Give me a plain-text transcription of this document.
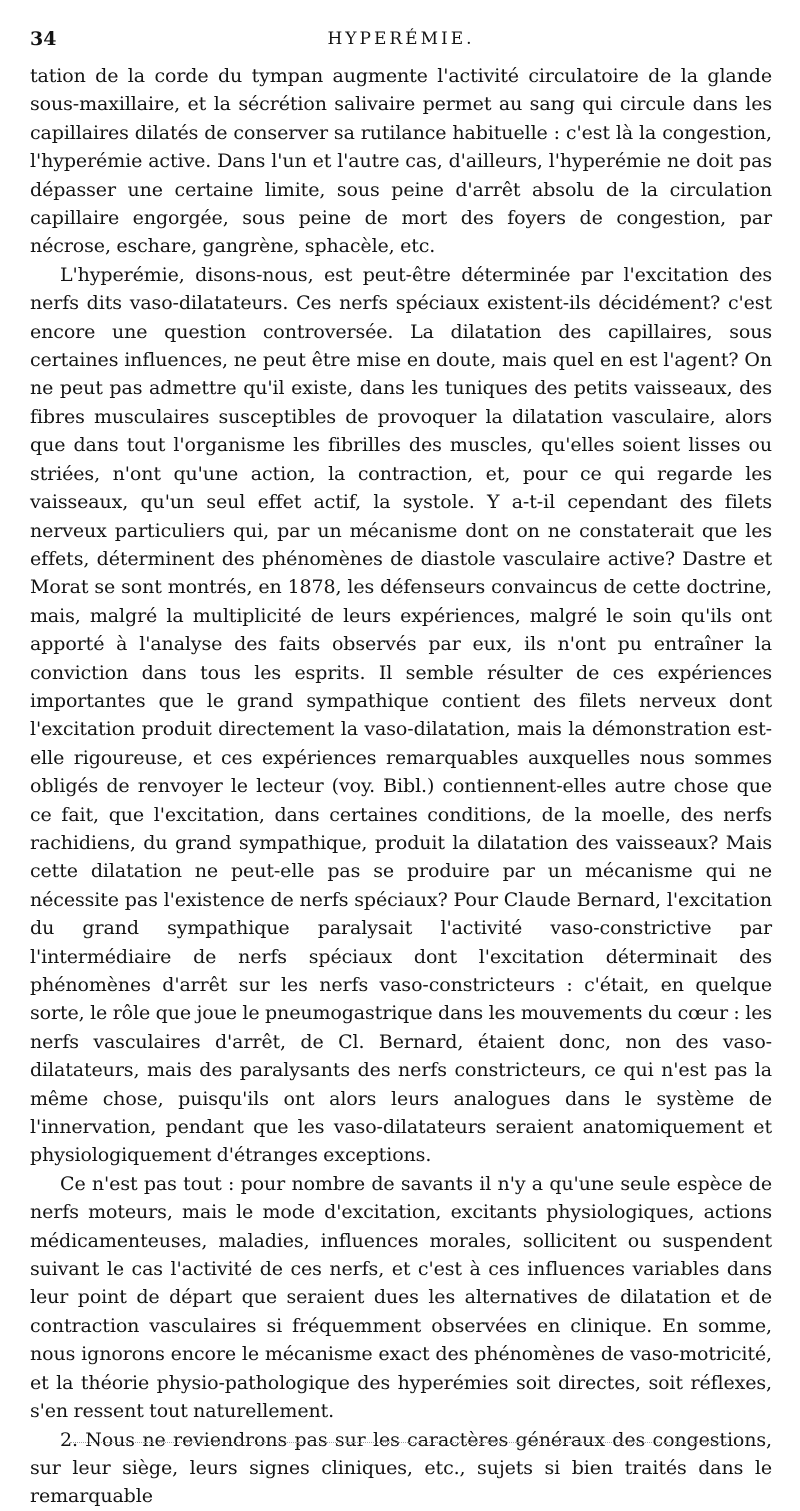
34	HYPERÉMIE.

tation de la corde du tympan augmente l'activité circulatoire de la glande sous-maxillaire, et la sécrétion salivaire permet au sang qui circule dans les capillaires dilatés de conserver sa rutilance habituelle : c'est là la congestion, l'hyperémie active. Dans l'un et l'autre cas, d'ailleurs, l'hyperémie ne doit pas dépasser une certaine limite, sous peine d'arrêt absolu de la circulation capillaire engorgée, sous peine de mort des foyers de congestion, par nécrose, eschare, gangrène, sphacèle, etc.

L'hyperémie, disons-nous, est peut-être déterminée par l'excitation des nerfs dits vaso-dilatateurs. Ces nerfs spéciaux existent-ils décidément? c'est encore une question controversée. La dilatation des capillaires, sous certaines influences, ne peut être mise en doute, mais quel en est l'agent? On ne peut pas admettre qu'il existe, dans les tuniques des petits vaisseaux, des fibres musculaires susceptibles de provoquer la dilatation vasculaire, alors que dans tout l'organisme les fibrilles des muscles, qu'elles soient lisses ou striées, n'ont qu'une action, la contraction, et, pour ce qui regarde les vaisseaux, qu'un seul effet actif, la systole. Y a-t-il cependant des filets nerveux particuliers qui, par un mécanisme dont on ne constaterait que les effets, déterminent des phénomènes de diastole vasculaire active? Dastre et Morat se sont montrés, en 1878, les défenseurs convaincus de cette doctrine, mais, malgré la multiplicité de leurs expériences, malgré le soin qu'ils ont apporté à l'analyse des faits observés par eux, ils n'ont pu entraîner la conviction dans tous les esprits. Il semble résulter de ces expériences importantes que le grand sympathique contient des filets nerveux dont l'excitation produit directement la vaso-dilatation, mais la démonstration est-elle rigoureuse, et ces expériences remarquables auxquelles nous sommes obligés de renvoyer le lecteur (voy. Bibl.) contiennent-elles autre chose que ce fait, que l'excitation, dans certaines conditions, de la moelle, des nerfs rachidiens, du grand sympathique, produit la dilatation des vaisseaux? Mais cette dilatation ne peut-elle pas se produire par un mécanisme qui ne nécessite pas l'existence de nerfs spéciaux? Pour Claude Bernard, l'excitation du grand sympathique paralysait l'activité vaso-constrictive par l'intermédiaire de nerfs spéciaux dont l'excitation déterminait des phénomènes d'arrêt sur les nerfs vaso-constricteurs : c'était, en quelque sorte, le rôle que joue le pneumogastrique dans les mouvements du cœur : les nerfs vasculaires d'arrêt, de Cl. Bernard, étaient donc, non des vaso-dilatateurs, mais des paralysants des nerfs constricteurs, ce qui n'est pas la même chose, puisqu'ils ont alors leurs analogues dans le système de l'innervation, pendant que les vaso-dilatateurs seraient anatomiquement et physiologiquement d'étranges exceptions.

Ce n'est pas tout : pour nombre de savants il n'y a qu'une seule espèce de nerfs moteurs, mais le mode d'excitation, excitants physiologiques, actions médicamenteuses, maladies, influences morales, sollicitent ou suspendent suivant le cas l'activité de ces nerfs, et c'est à ces influences variables dans leur point de départ que seraient dues les alternatives de dilatation et de contraction vasculaires si fréquemment observées en clinique. En somme, nous ignorons encore le mécanisme exact des phénomènes de vaso-motricité, et la théorie physio-pathologique des hyperémies soit directes, soit réflexes, s'en ressent tout naturellement.

2. Nous ne reviendrons pas sur les caractères généraux des congestions, sur leur siège, leurs signes cliniques, etc., sujets si bien traités dans le remarquable
